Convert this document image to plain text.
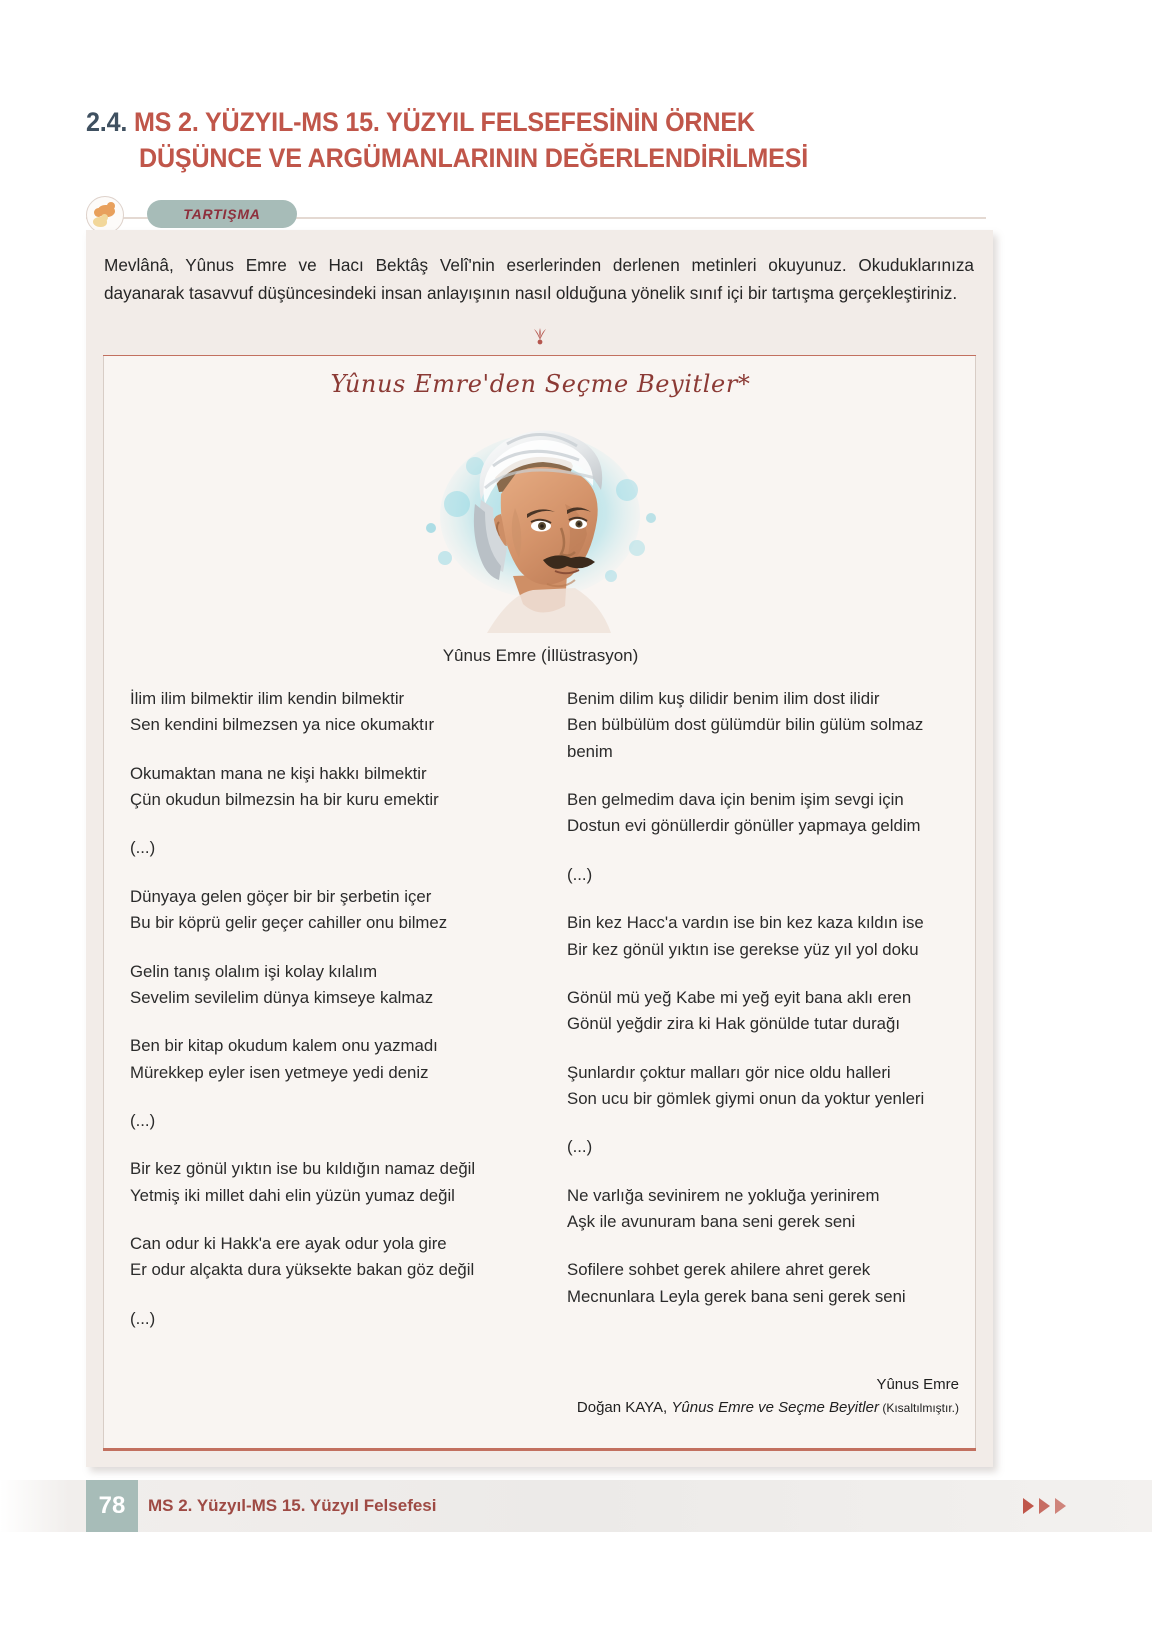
2.4. MS 2. YÜZYIL-MS 15. YÜZYIL FELSEFESİNİN ÖRNEK
DÜŞÜNCE VE ARGÜMANLARININ DEĞERLENDİRİLMESİ
TARTIŞMA
Mevlânâ, Yûnus Emre ve Hacı Bektâş Velî'nin eserlerinden derlenen metinleri okuyunuz. Okuduklarınıza dayanarak tasavvuf düşüncesindeki insan anlayışının nasıl olduğuna yönelik sınıf içi bir tartışma gerçekleştiriniz.
Yûnus Emre'den Seçme Beyitler*
Yûnus Emre (İllüstrasyon)
İlim ilim bilmektir ilim kendin bilmektir
Sen kendini bilmezsen ya nice okumaktır
Okumaktan mana ne kişi hakkı bilmektir
Çün okudun bilmezsin ha bir kuru emektir
(...)
Dünyaya gelen göçer bir bir şerbetin içer
Bu bir köprü gelir geçer cahiller onu bilmez
Gelin tanış olalım işi kolay kılalım
Sevelim sevilelim dünya kimseye kalmaz
Ben bir kitap okudum kalem onu yazmadı
Mürekkep eyler isen yetmeye yedi deniz
(...)
Bir kez gönül yıktın ise bu kıldığın namaz değil
Yetmiş iki millet dahi elin yüzün yumaz değil
Can odur ki Hakk'a ere ayak odur yola gire
Er odur alçakta dura yüksekte bakan göz değil
(...)
Benim dilim kuş dilidir benim ilim dost ilidir
Ben bülbülüm dost gülümdür bilin gülüm solmaz benim
Ben gelmedim dava için benim işim sevgi için
Dostun evi gönüllerdir gönüller yapmaya geldim
(...)
Bin kez Hacc'a vardın ise bin kez kaza kıldın ise
Bir kez gönül yıktın ise gerekse yüz yıl yol doku
Gönül mü yeğ Kabe mi yeğ eyit bana aklı eren
Gönül yeğdir zira ki Hak gönülde tutar durağı
Şunlardır çoktur malları gör nice oldu halleri
Son ucu bir gömlek giymi onun da yoktur yenleri
(...)
Ne varlığa sevinirem ne yokluğa yerinirem
Aşk ile avunuram bana seni gerek seni
Sofilere sohbet gerek ahilere ahret gerek
Mecnunlara Leyla gerek bana seni gerek seni
Yûnus Emre
Doğan KAYA, Yûnus Emre ve Seçme Beyitler (Kısaltılmıştır.)
78	MS 2. Yüzyıl-MS 15. Yüzyıl Felsefesi
